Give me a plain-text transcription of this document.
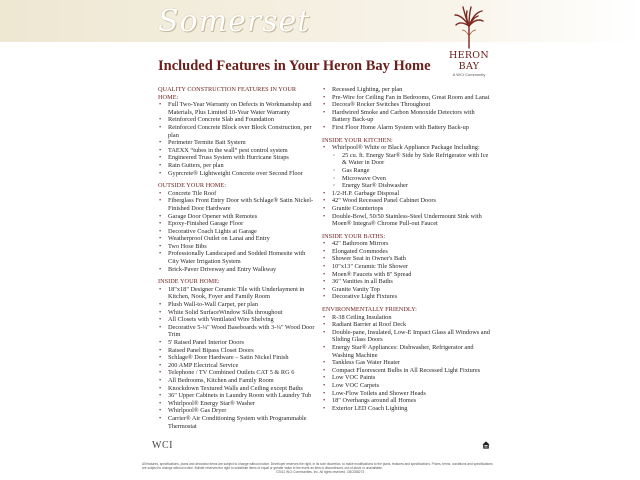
Somerset
HERON BAY
A WCI Community
Included Features in Your Heron Bay Home
QUALITY CONSTRUCTION FEATURES IN YOUR HOME:
• Full Two-Year Warranty on Defects in Workmanship and Materials, Plus Limited 10-Year Water Warranty
• Reinforced Concrete Slab and Foundation
• Reinforced Concrete Block over Block Construction, per plan
• Perimeter Termite Bait System
• TAEXX “tubes in the wall” pest control system
• Engineered Truss System with Hurricane Straps
• Rain Gutters, per plan
• Gyprcrete® Lightweight Concrete over Second Floor
OUTSIDE YOUR HOME:
• Concrete Tile Roof
• Fiberglass Front Entry Door with Schlage® Satin Nickel-Finished Door Hardware
• Garage Door Opener with Remotes
• Epoxy-Finished Garage Floor
• Decorative Coach Lights at Garage
• Weatherproof Outlet on Lanai and Entry
• Two Hose Bibs
• Professionally Landscaped and Sodded Homesite with City Water Irrigation System
• Brick-Paver Driveway and Entry Walkway
INSIDE YOUR HOME:
• 18"x18" Designer Ceramic Tile with Underlayment in Kitchen, Nook, Foyer and Family Room
• Plush Wall-to-Wall Carpet, per plan
• White Solid SurfaceWindow Sills throughout
• All Closets with Ventilated Wire Shelving
• Decorative 5-¼" Wood Baseboards with 3-¼" Wood Door Trim
• 5' Raised Panel Interior Doors
• Raised Panel Bipass Closet Doors
• Schlage® Door Hardware – Satin Nickel Finish
• 200 AMP Electrical Service
• Telephone / TV Combined Outlets CAT 5 & RG 6
• All Bedrooms, Kitchen and Family Room
• Knockdown Textured Walls and Ceiling except Baths
• 36" Upper Cabinets in Laundry Room with Laundry Tub
• Whirlpool® Energy Star® Washer
• Whirlpool® Gas Dryer
• Carrier® Air Conditioning System with Programmable Thermostat
• Recessed Lighting, per plan
• Pre-Wire for Ceiling Fan in Bedrooms, Great Room and Lanai
• Decora® Rocker Switches Throughout
• Hardwired Smoke and Carbon Monoxide Detectors with Battery Back-up
• First Floor Home Alarm System with Battery Back-up
INSIDE YOUR KITCHEN:
• Whirlpool® White or Black Appliance Package Including:
◦ 25 cu. ft. Energy Star® Side by Side Refrigerator with Ice & Water in Door
◦ Gas Range
◦ Microwave Oven
◦ Energy Star® Dishwasher
• 1/2-H.P. Garbage Disposal
• 42" Wood Recessed Panel Cabinet Doors
• Granite Countertops
• Double-Bowl, 50/50 Stainless-Steel Undermount Sink with Moen® Integra® Chrome Pull-out Faucet
INSIDE YOUR BATHS:
• 42" Bathroom Mirrors
• Elongated Commodes
• Shower Seat in Owner's Bath
• 10"x13" Ceramic Tile Shower
• Moen® Faucets with 8" Spread
• 36" Vanities in all Baths
• Granite Vanity Top
• Decorative Light Fixtures
ENVIRONMENTALLY FRIENDLY:
• R-38 Ceiling Insulation
• Radiant Barrier at Roof Deck
• Double-pane, Insulated, Low-E Impact Glass all Windows and Sliding Glass Doors
• Energy Star® Appliances: Dishwasher, Refrigerator and Washing Machine
• Tankless Gas Water Heater
• Compact Fluorescent Bulbs in All Recessed Light Fixtures
• Low VOC Paints
• Low VOC Carpets
• Low-Flow Toilets and Shower Heads
• 18" Overhangs around all Homes
• Exterior LED Coach Lighting
WCI
All features, specifications, plans and decorator items are subject to change without notice. Developer reserves the right, in its sole discretion, to make modifications to the plans, features and specifications. Prices, terms, conditions and specifications are subject to change without notice. Builder reserves the right to substitute items of equal or greater value in the event an item is discontinued, out-of-stock or unavailable.
©2012 WCI Communities, Inc. All rights reserved. CBC058273
